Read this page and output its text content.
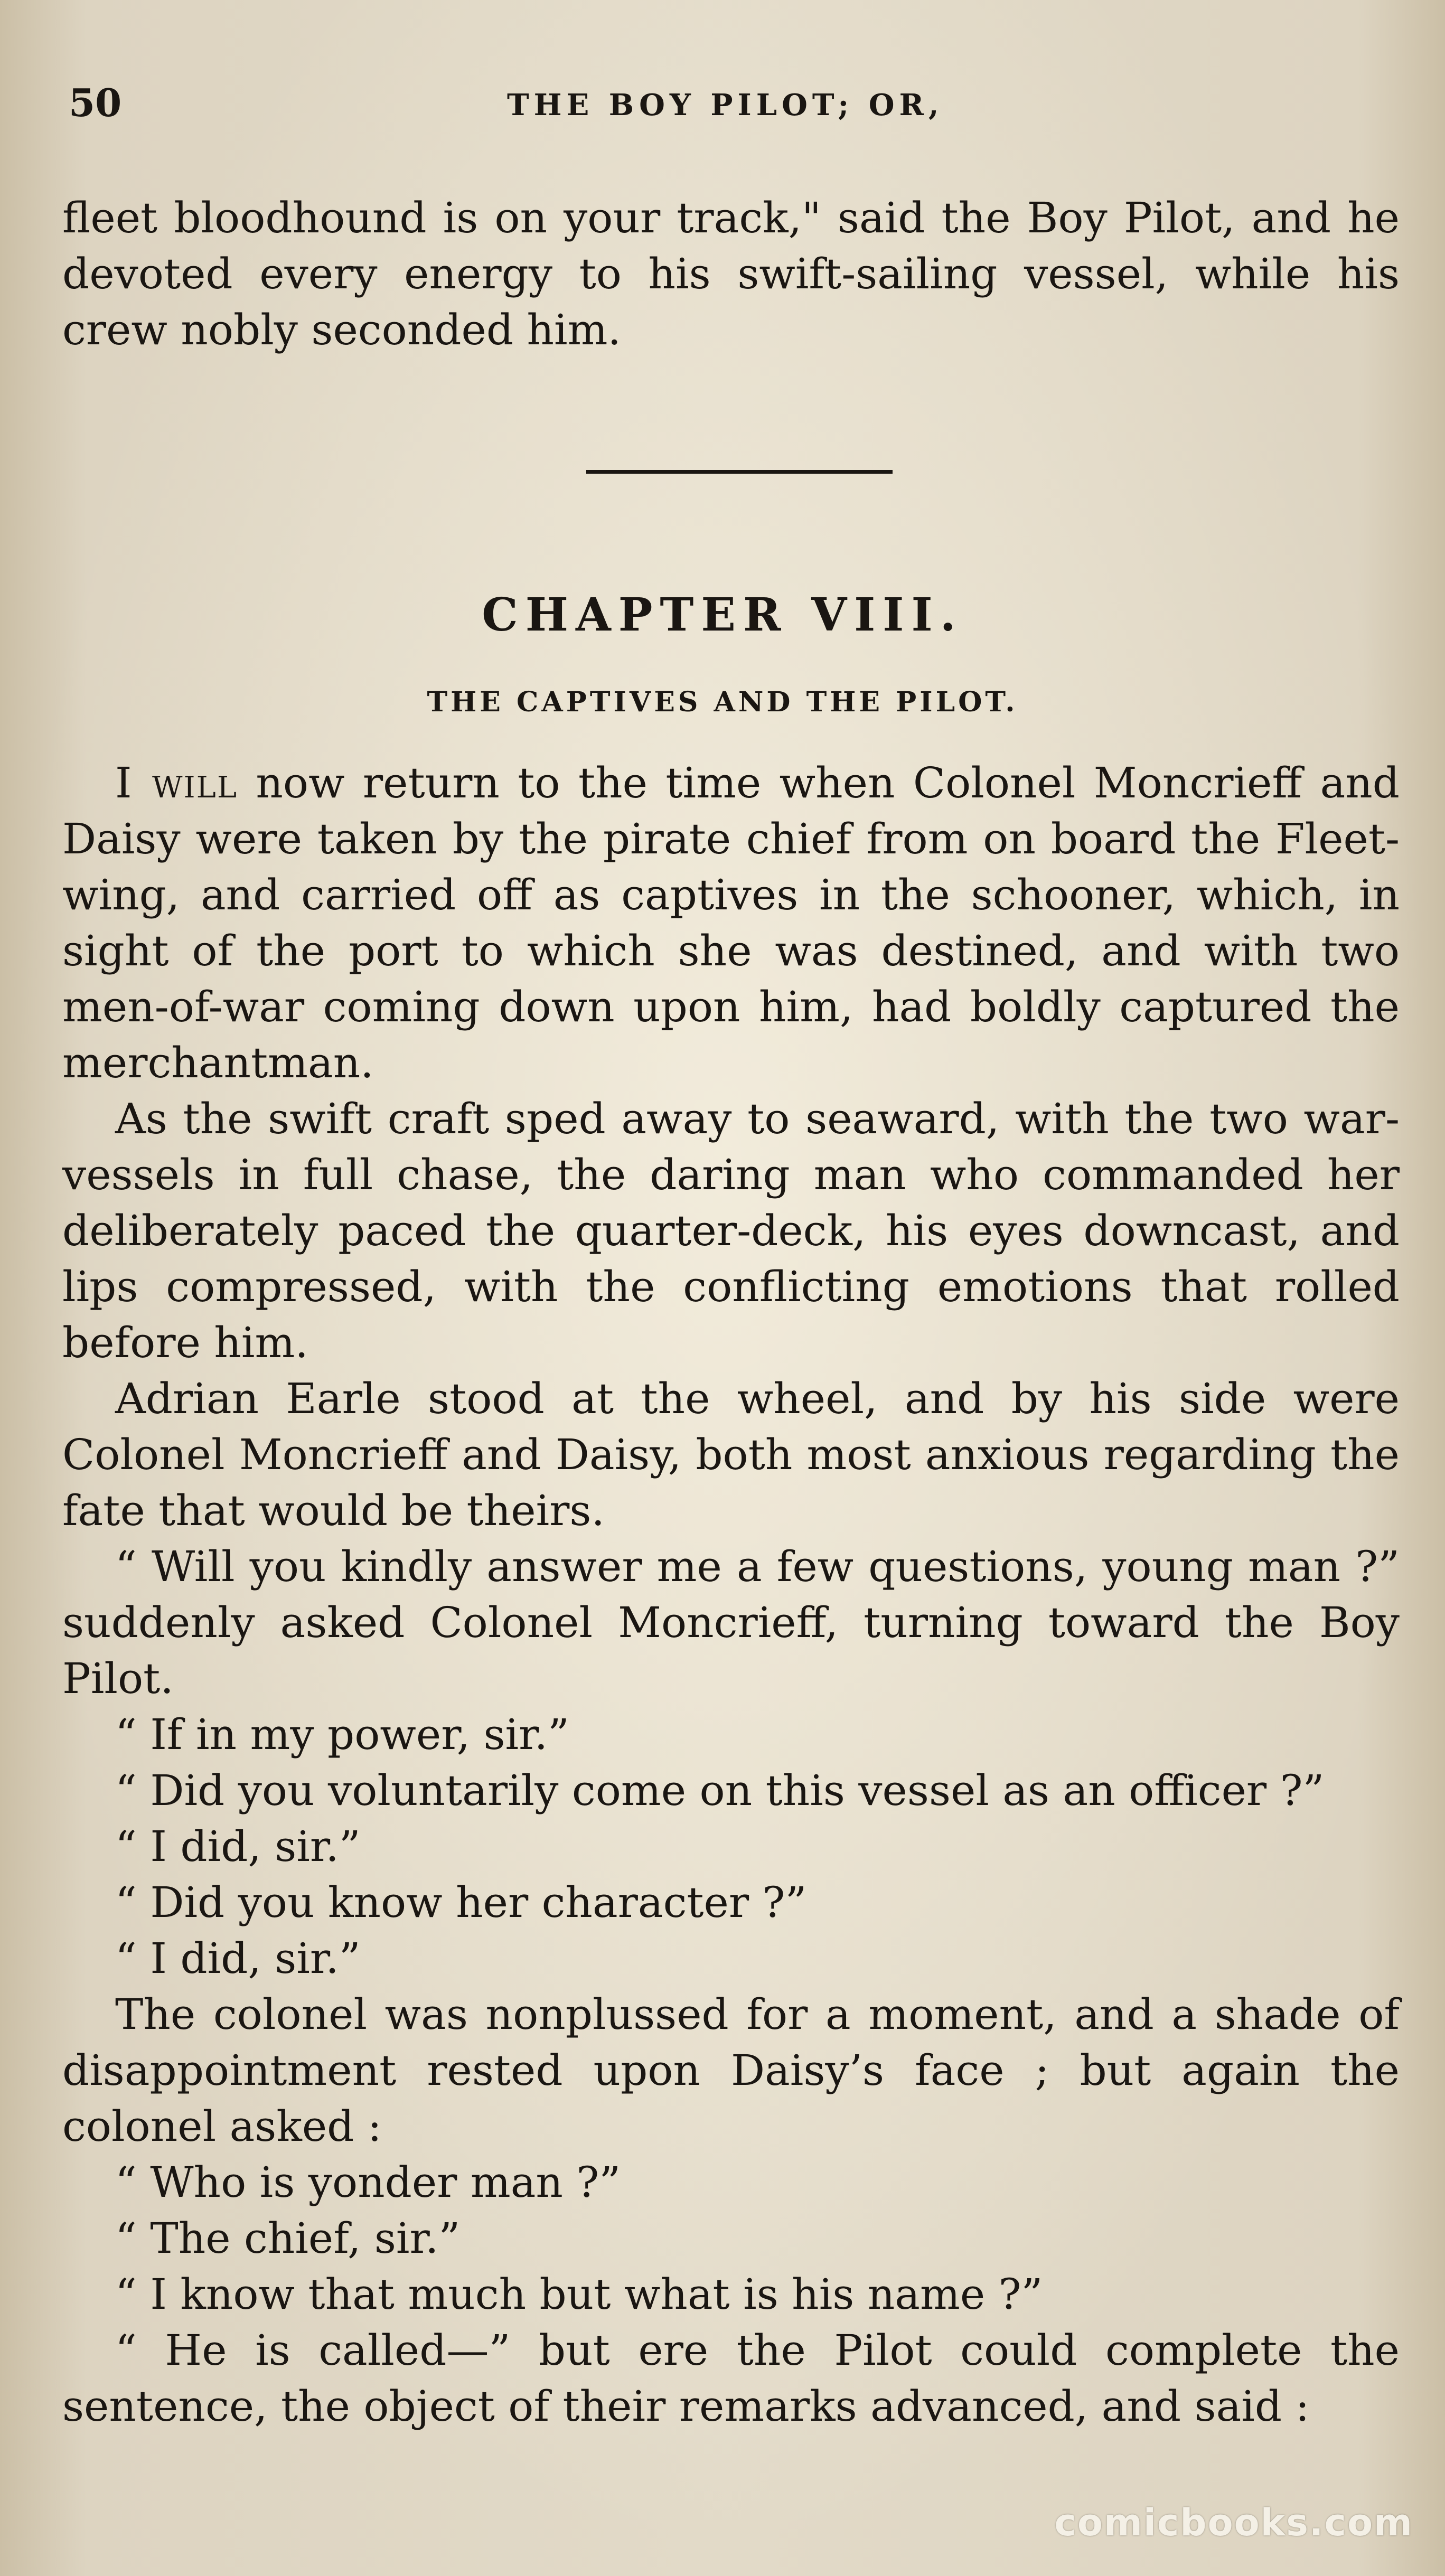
50	THE BOY PILOT; OR,

fleet bloodhound is on your track," said the Boy Pilot, and he devoted every energy to his swift-sailing vessel, while his crew nobly seconded him.

CHAPTER VIII.
THE CAPTIVES AND THE PILOT.

I will now return to the time when Colonel Moncrieff and Daisy were taken by the pirate chief from on board the Fleet-wing, and carried off as captives in the schooner, which, in sight of the port to which she was destined, and with two men-of-war coming down upon him, had boldly captured the merchantman.

As the swift craft sped away to seaward, with the two war-vessels in full chase, the daring man who commanded her deliberately paced the quarter-deck, his eyes downcast, and lips compressed, with the conflicting emotions that rolled before him.

Adrian Earle stood at the wheel, and by his side were Colonel Moncrieff and Daisy, both most anxious regarding the fate that would be theirs.

“ Will you kindly answer me a few questions, young man ?” suddenly asked Colonel Moncrieff, turning toward the Boy Pilot.

“ If in my power, sir.”

“ Did you voluntarily come on this vessel as an officer ?”

“ I did, sir.”

“ Did you know her character ?”

“ I did, sir.”

The colonel was nonplussed for a moment, and a shade of disappointment rested upon Daisy’s face ; but again the colonel asked :

“ Who is yonder man ?”

“ The chief, sir.”

“ I know that much but what is his name ?”

“ He is called—” but ere the Pilot could complete the sentence, the object of their remarks advanced, and said :

comicbooks.com
